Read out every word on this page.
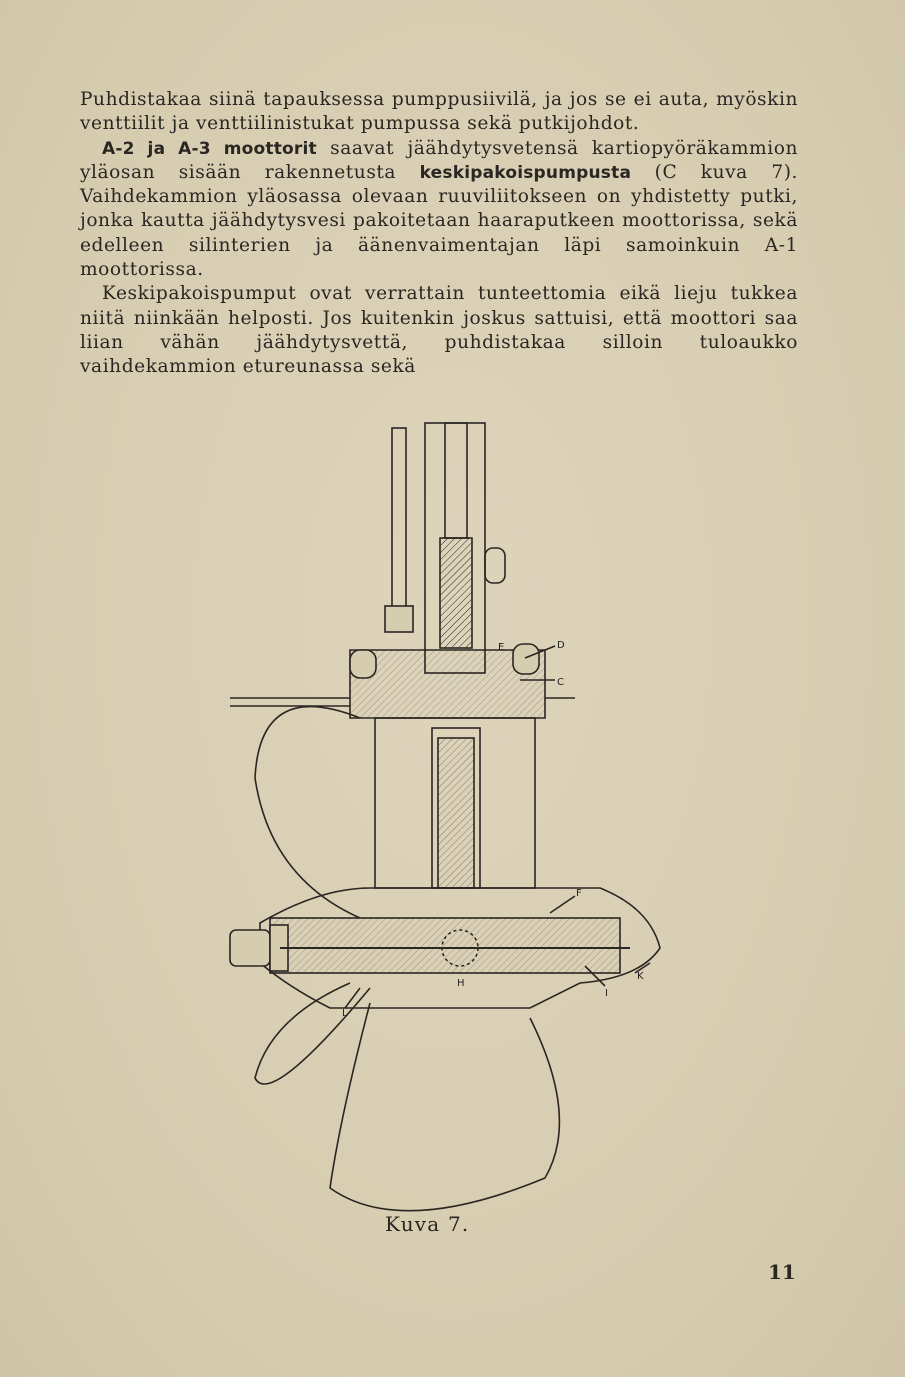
Puhdistakaa siinä tapauksessa pumppusiivilä, ja jos se ei auta, myöskin venttiilit ja venttiilinistukat pumpussa sekä putkijohdot.

A-2 ja A-3 moottorit saavat jäähdytysvetensä kartiopyöräkammion yläosan sisään rakennetusta keskipakoispumpusta (C kuva 7). Vaihdekammion yläosassa olevaan ruuviliitokseen on yhdistetty putki, jonka kautta jäähdytysvesi pakoitetaan haaraputkeen moottorissa, sekä edelleen silinterien ja äänenvaimentajan läpi samoinkuin A-1 moottorissa.

Keskipakoispumput ovat verrattain tunteettomia eikä lieju tukkea niitä niinkään helposti. Jos kuitenkin joskus sattuisi, että moottori saa liian vähän jäähdytysvettä, puhdistakaa silloin tuloaukko vaihdekammion etureunassa sekä

E	D
C
F
H
I
K
L
Kuva 7.
11
